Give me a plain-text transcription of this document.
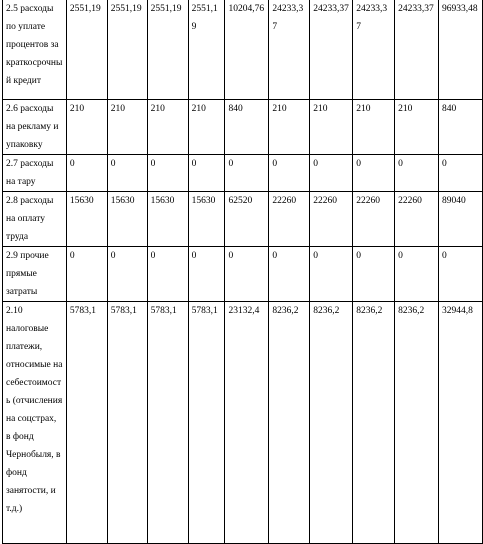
2.5 расходы по уплате процентов за краткосрочный кредит	2551,19	2551,19	2551,19	2551,19	10204,76	24233,37	24233,37	24233,37	24233,37	96933,48
2.6 расходы на рекламу и упаковку	210	210	210	210	840	210	210	210	210	840
2.7 расходы на тару	0	0	0	0	0	0	0	0	0	0
2.8 расходы на оплату труда	15630	15630	15630	15630	62520	22260	22260	22260	22260	89040
2.9 прочие прямые затраты	0	0	0	0	0	0	0	0	0	0
2.10 налоговые платежи, относимые на себестоимость (отчисления на соцстрах, в фонд Чернобыля, в фонд занятости, и т.д.)	5783,1	5783,1	5783,1	5783,1	23132,4	8236,2	8236,2	8236,2	8236,2	32944,8
